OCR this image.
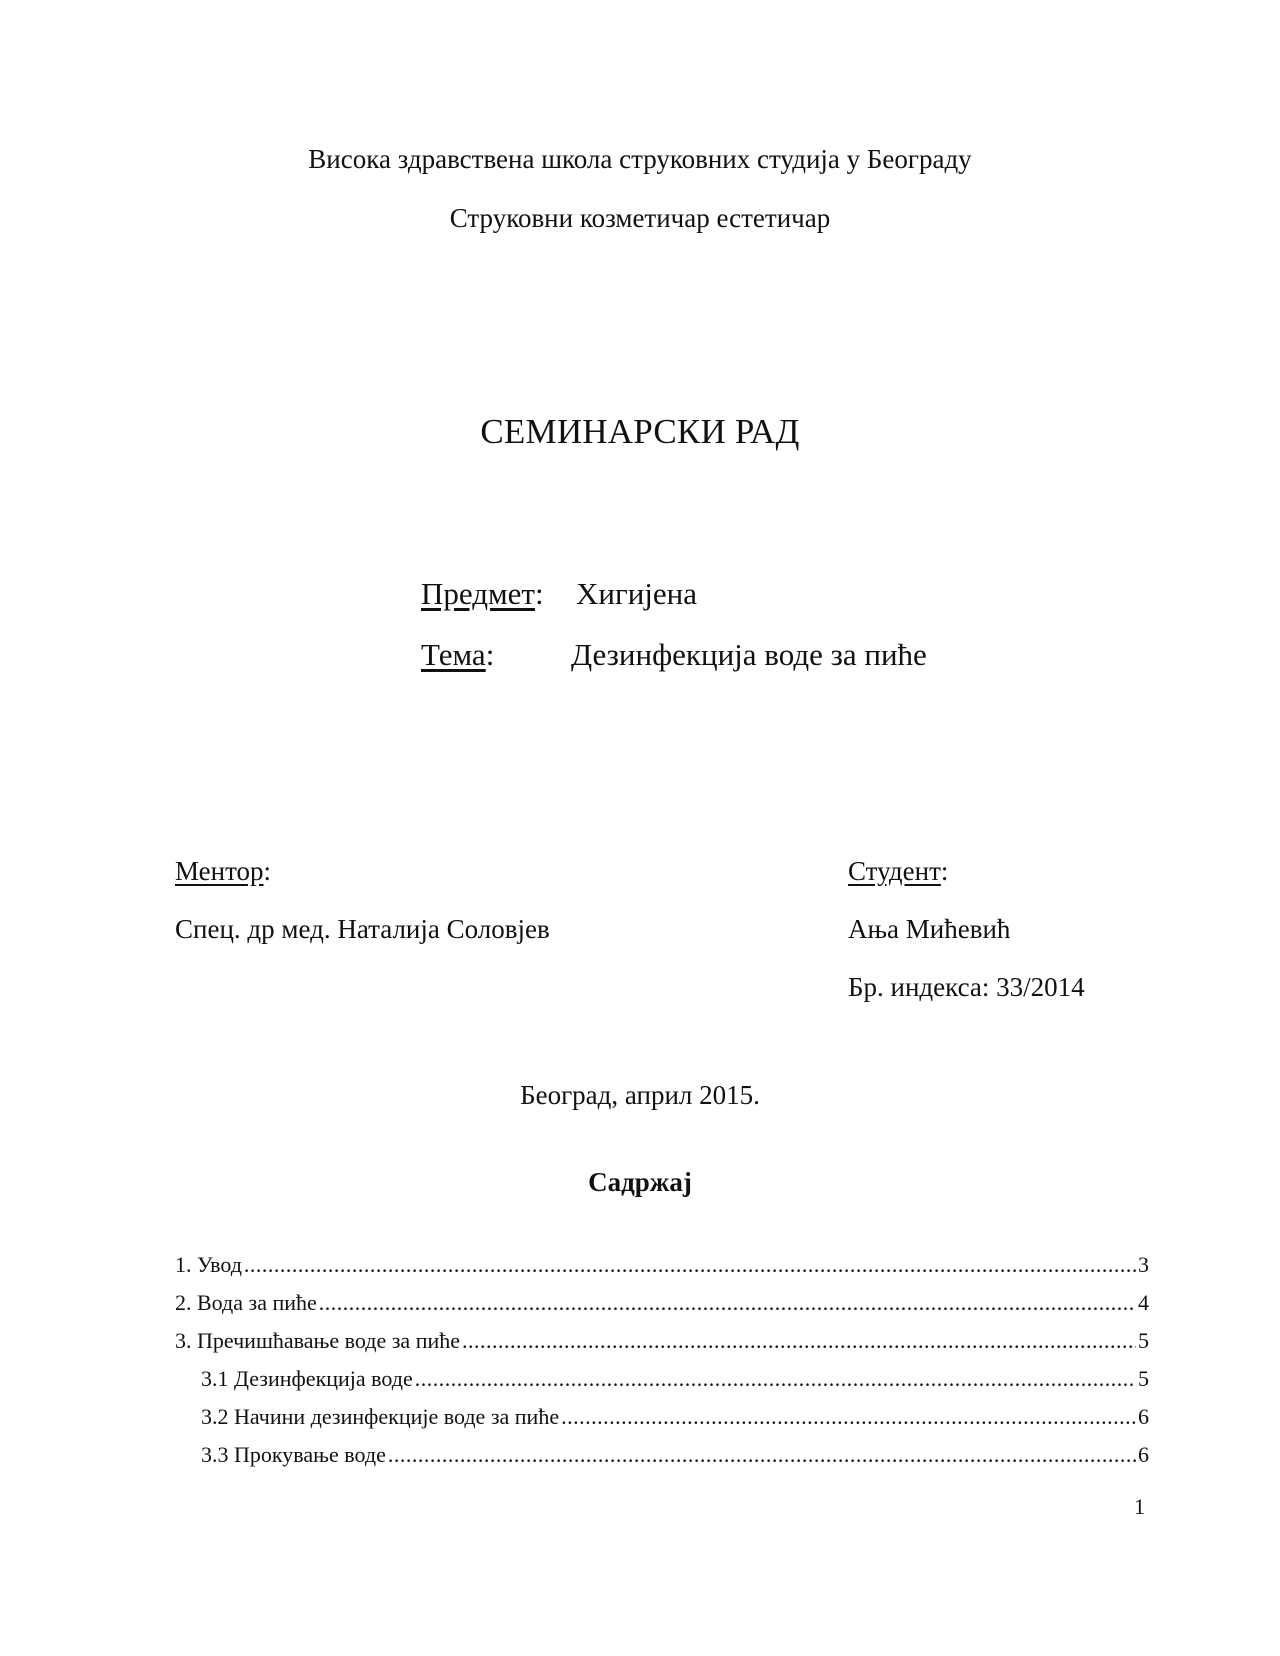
Висока здравствена школа струковних студија у Београду
Струковни козметичар естетичар
СЕМИНАРСКИ РАД
Предмет: Хигијена
Тема: Дезинфекција воде за пиће
Ментор:
Спец. др мед. Наталија Соловјев
Студент:
Ања Мићевић
Бр. индекса: 33/2014
Београд, април 2015.
Садржај
1. Увод .....	3
2. Вода за пиће .....	4
3. Пречишћавање воде за пиће .....	5
3.1 Дезинфекција воде .....	5
3.2 Начини дезинфекције воде за пиће .....	6
3.3 Прокување воде .....	6
1
